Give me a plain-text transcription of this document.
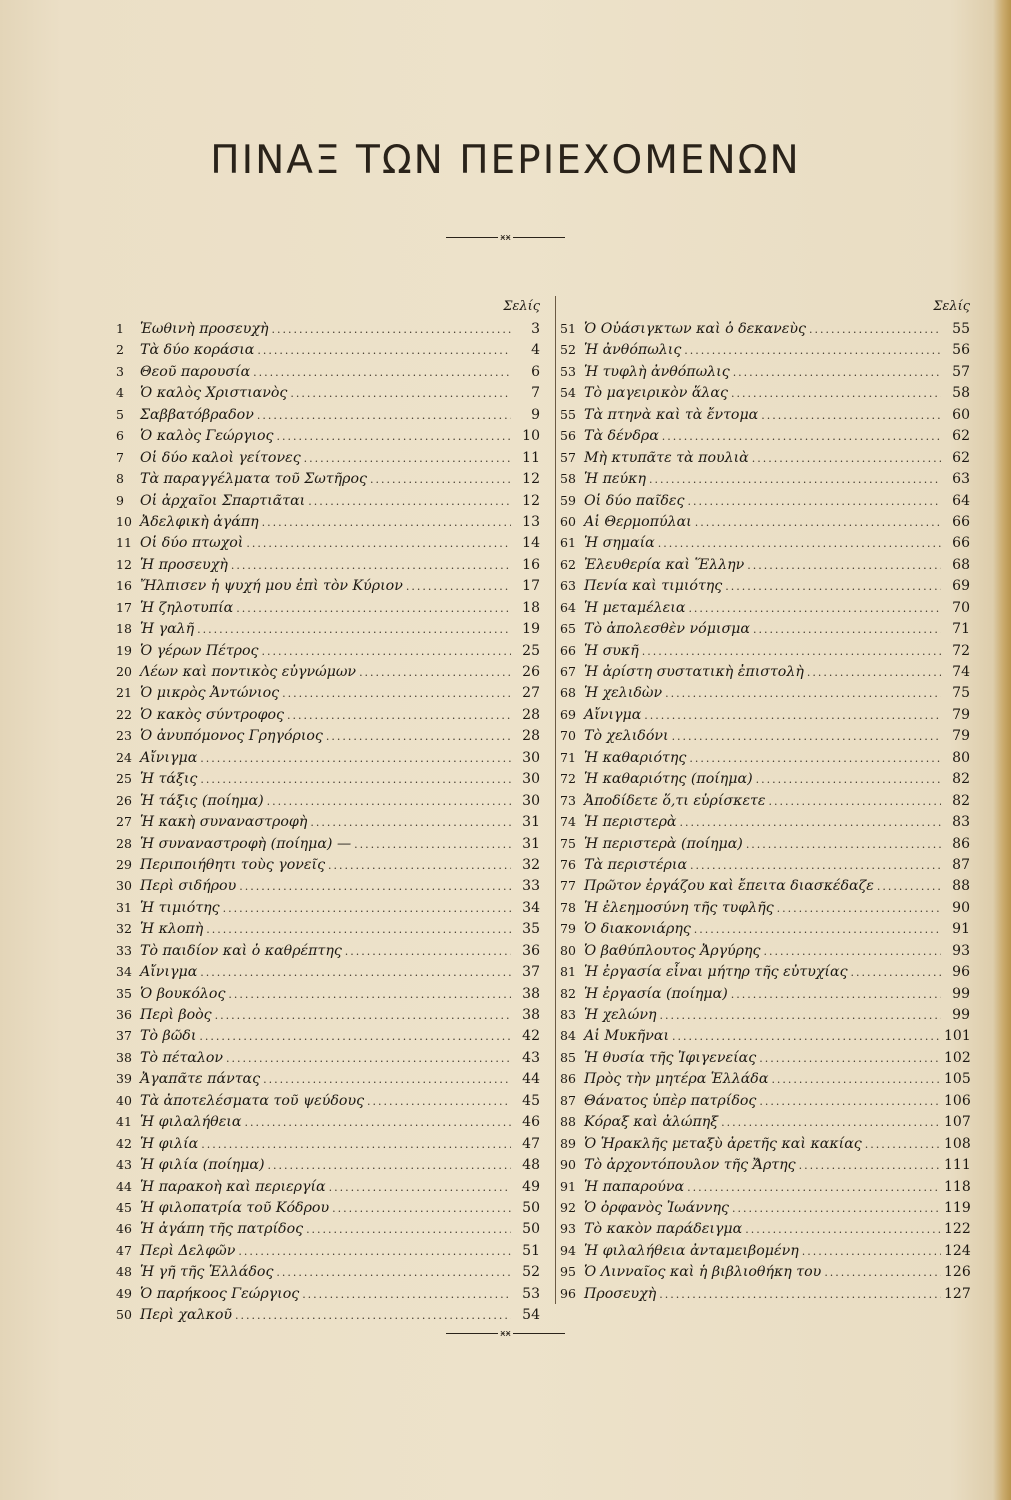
ΠΙΝΑΞ ΤΩΝ ΠΕΡΙΕΧΟΜΕΝΩΝ
ӿӿ
Σελίς
1	Ἑωθινὴ προσευχὴ .....	3
2	Τὰ δύο κοράσια .....	4
3	Θεοῦ παρουσία .....	6
4	Ὁ καλὸς Χριστιανὸς .....	7
5	Σαββατόβραδον .....	9
6	Ὁ καλὸς Γεώργιος .....	10
7	Οἱ δύο καλοὶ γείτονες .....	11
8	Τὰ παραγγέλματα τοῦ Σωτῆρος .....	12
9	Οἱ ἀρχαῖοι Σπαρτιᾶται .....	12
10 Ἀδελφικὴ ἀγάπη .....	13
11 Οἱ δύο πτωχοὶ .....	14
12 Ἡ προσευχὴ .....	16
16 Ἤλπισεν ἡ ψυχή μου ἐπὶ τὸν Κύριον .....	17
17 Ἡ ζηλοτυπία .....	18
18 Ἡ γαλῆ .....	19
19 Ὁ γέρων Πέτρος .....	25
20 Λέων καὶ ποντικὸς εὐγνώμων .....	26
21 Ὁ μικρὸς Ἀντώνιος .....	27
22 Ὁ κακὸς σύντροφος .....	28
23 Ὁ ἀνυπόμονος Γρηγόριος .....	28
24 Αἴνιγμα .....	30
25 Ἡ τάξις .....	30
26 Ἡ τάξις (ποίημα) .....	30
27 Ἡ κακὴ συναναστροφὴ .....	31
28 Ἡ συναναστροφὴ (ποίημα) — .....	31
29 Περιποιήθητι τοὺς γονεῖς .....	32
30 Περὶ σιδήρου .....	33
31 Ἡ τιμιότης .....	34
32 Ἡ κλοπὴ .....	35
33 Τὸ παιδίον καὶ ὁ καθρέπτης .....	36
34 Αἴνιγμα .....	37
35 Ὁ βουκόλος .....	38
36 Περὶ βοὸς .....	38
37 Τὸ βῶδι .....	42
38 Τὸ πέταλον .....	43
39 Ἀγαπᾶτε πάντας .....	44
40 Τὰ ἀποτελέσματα τοῦ ψεύδους .....	45
41 Ἡ φιλαλήθεια .....	46
42 Ἡ φιλία .....	47
43 Ἡ φιλία (ποίημα) .....	48
44 Ἡ παρακοὴ καὶ περιεργία .....	49
45 Ἡ φιλοπατρία τοῦ Κόδρου .....	50
46 Ἡ ἀγάπη τῆς πατρίδος .....	50
47 Περὶ Δελφῶν .....	51
48 Ἡ γῆ τῆς Ἑλλάδος .....	52
49 Ὁ παρήκοος Γεώργιος .....	53
50 Περὶ χαλκοῦ .....	54
Σελίς
51 Ὁ Οὐάσιγκτων καὶ ὁ δεκανεὺς .....	55
52 Ἡ ἀνθόπωλις .....	56
53 Ἡ τυφλὴ ἀνθόπωλις .....	57
54 Τὸ μαγειρικὸν ἅλας .....	58
55 Τὰ πτηνὰ καὶ τὰ ἔντομα .....	60
56 Τὰ δένδρα .....	62
57 Μὴ κτυπᾶτε τὰ πουλιὰ .....	62
58 Ἡ πεύκη .....	63
59 Οἱ δύο παῖδες .....	64
60 Αἱ Θερμοπύλαι .....	66
61 Ἡ σημαία .....	66
62 Ἐλευθερία καὶ Ἕλλην .....	68
63 Πενία καὶ τιμιότης .....	69
64 Ἡ μεταμέλεια .....	70
65 Τὸ ἀπολεσθὲν νόμισμα .....	71
66 Ἡ συκῆ .....	72
67 Ἡ ἀρίστη συστατικὴ ἐπιστολὴ .....	74
68 Ἡ χελιδὼν .....	75
69 Αἴνιγμα .....	79
70 Τὸ χελιδόνι .....	79
71 Ἡ καθαριότης .....	80
72 Ἡ καθαριότης (ποίημα) .....	82
73 Ἀποδίδετε ὅ,τι εὑρίσκετε .....	82
74 Ἡ περιστερὰ .....	83
75 Ἡ περιστερὰ (ποίημα) .....	86
76 Τὰ περιστέρια .....	87
77 Πρῶτον ἐργάζου καὶ ἔπειτα διασκέδαζε .....	88
78 Ἡ ἐλεημοσύνη τῆς τυφλῆς .....	90
79 Ὁ διακονιάρης .....	91
80 Ὁ βαθύπλουτος Ἀργύρης .....	93
81 Ἡ ἐργασία εἶναι μήτηρ τῆς εὐτυχίας .....	96
82 Ἡ ἐργασία (ποίημα) .....	99
83 Ἡ χελώνη .....	99
84 Αἱ Μυκῆναι .....	101
85 Ἡ θυσία τῆς Ἰφιγενείας .....	102
86 Πρὸς τὴν μητέρα Ἑλλάδα .....	105
87 Θάνατος ὑπὲρ πατρίδος .....	106
88 Κόραξ καὶ ἀλώπηξ .....	107
89 Ὁ Ἡρακλῆς μεταξὺ ἀρετῆς καὶ κακίας .....	108
90 Τὸ ἀρχοντόπουλον τῆς Ἄρτης .....	111
91 Ἡ παπαρούνα .....	118
92 Ὁ ὀρφανὸς Ἰωάννης .....	119
93 Τὸ κακὸν παράδειγμα .....	122
94 Ἡ φιλαλήθεια ἀνταμειβομένη .....	124
95 Ὁ Λινναῖος καὶ ἡ βιβλιοθήκη του .....	126
96 Προσευχὴ .....	127
ӿӿ
